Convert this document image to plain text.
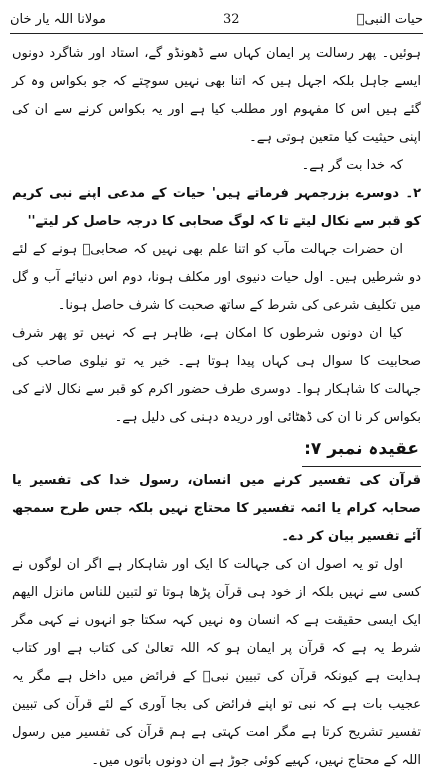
مولانا اللہ یار خان	32	حیات النبیؐ

ہوئیں۔ پھر رسالت پر ایمان کہاں سے ڈھونڈو گے، استاد اور شاگرد دونوں ایسے جاہل بلکہ اجہل ہیں کہ اتنا بھی نہیں سوچتے کہ جو بکواس وہ کر گئے ہیں اس کا مفہوم اور مطلب کیا ہے اور یہ بکواس کرنے سے ان کی اپنی حیثیت کیا متعین ہوتی ہے۔

کہ خدا بت گر ہے۔

۲۔ دوسرے بزرجمہر فرماتے ہیں' حیات کے مدعی اپنے نبی کریم کو قبر سے نکال لیتے تا کہ لوگ صحابی کا درجہ حاصل کر لیتے''

ان حضرات جہالت مآب کو اتنا علم بھی نہیں کہ صحابیؓ ہونے کے لئے دو شرطیں ہیں۔ اول حیات دنیوی اور مکلف ہونا، دوم اس دنیائے آب و گل میں تکلیف شرعی کی شرط کے ساتھ صحبت کا شرف حاصل ہونا۔

کیا ان دونوں شرطوں کا امکان ہے، ظاہر ہے کہ نہیں تو پھر شرف صحابیت کا سوال ہی کہاں پیدا ہوتا ہے۔ خیر یہ تو نیلوی صاحب کی جہالت کا شاہکار ہوا۔ دوسری طرف حضور اکرم کو قبر سے نکال لانے کی بکواس کر نا ان کی ڈھٹائی اور دریدہ دہنی کی دلیل ہے۔

عقیدہ نمبر ۷:

قرآن کی تفسیر کرنے میں انسان، رسول خدا کی تفسیر یا صحابہ کرام یا ائمہ تفسیر کا محتاج نہیں بلکہ جس طرح سمجھ آئے تفسیر بیان کر دے۔

اول تو یہ اصول ان کی جہالت کا ایک اور شاہکار ہے اگر ان لوگوں نے کسی سے نہیں بلکہ از خود ہی قرآن پڑھا ہوتا تو لتبین للناس مانزل الیھم ایک ایسی حقیقت ہے کہ انسان وہ نہیں کہہ سکتا جو انہوں نے کہی مگر شرط یہ ہے کہ قرآن پر ایمان ہو کہ اللہ تعالیٰ کی کتاب ہے اور کتاب ہدایت ہے کیونکہ قرآن کی تبیین نبیؐ کے فرائض میں داخل ہے مگر یہ عجیب بات ہے کہ نبی تو اپنے فرائض کی بجا آوری کے لئے قرآن کی تبیین تفسیر تشریح کرتا ہے مگر امت کہتی ہے ہم قرآن کی تفسیر میں رسول اللہ کے محتاج نہیں، کہیے کوئی جوڑ ہے ان دونوں باتوں میں۔
